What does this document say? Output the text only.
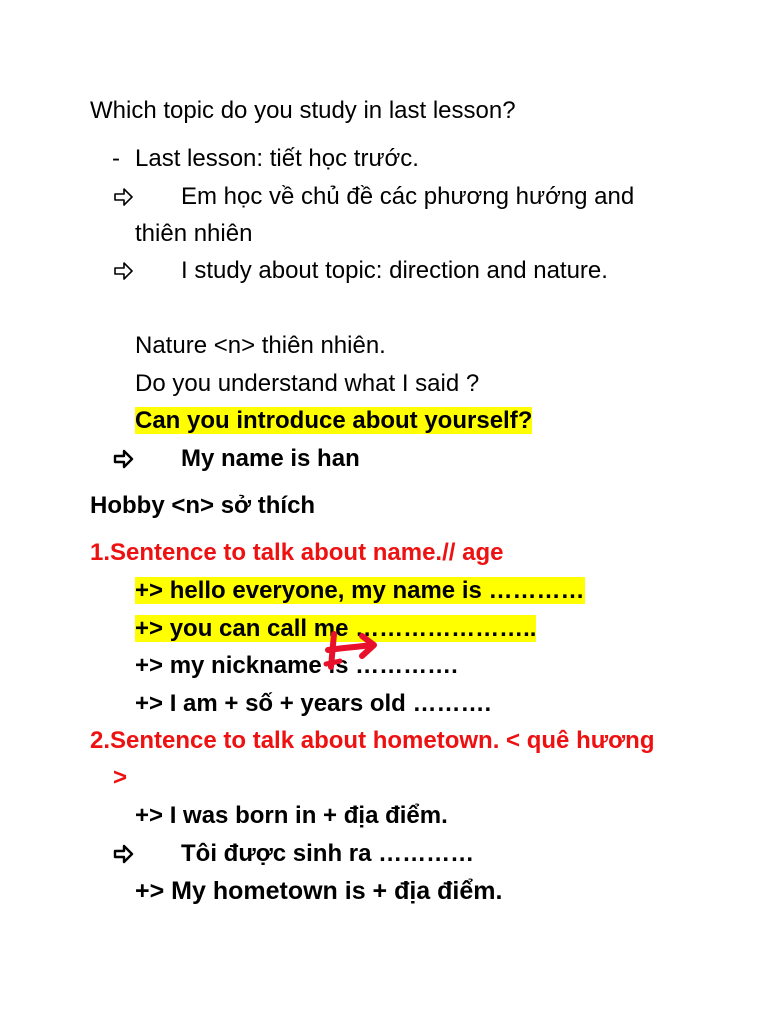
Which topic do you study in last lesson?
- Last lesson: tiết học trước.
Em học về chủ đề các phương hướng and
thiên nhiên
I study about topic: direction and nature.
Nature <n> thiên nhiên.
Do you understand what I said ?
Can you introduce about yourself?
My name is han
Hobby <n> sở thích
1.Sentence to talk about name.// age
+> hello everyone, my name is …………
+> you can call me …………………..
+> my nickname is ………….
+> I am + số + years old ……….
2.Sentence to talk about hometown. < quê hương
>
+> I was born in + địa điểm.
Tôi được sinh ra …………
+> My hometown is + địa điểm.
